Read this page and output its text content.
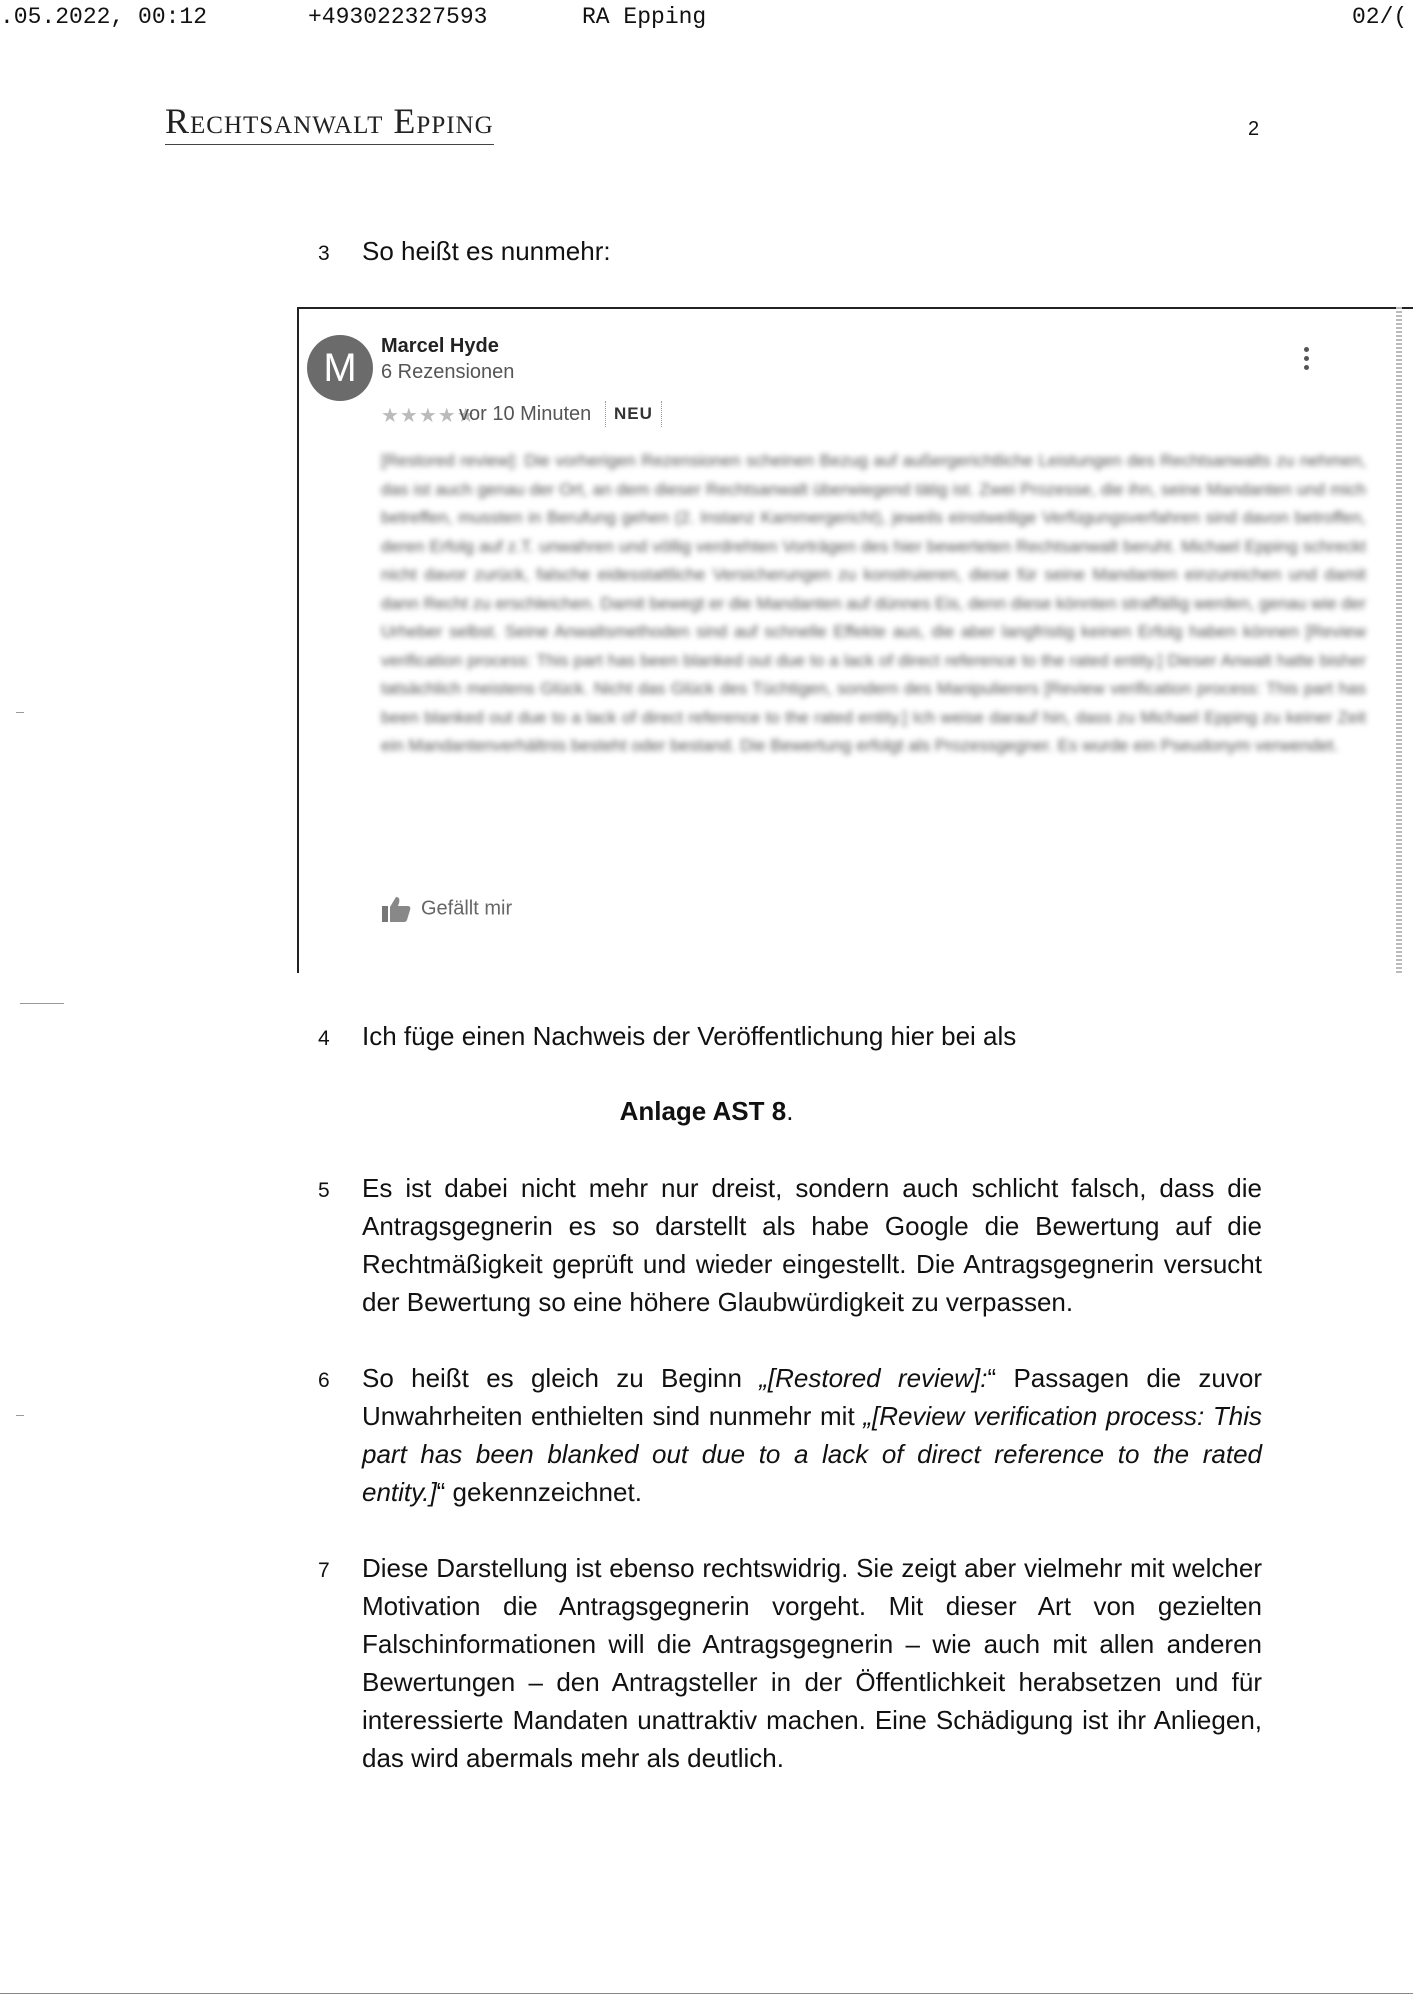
.05.2022, 00:12	+493022327593	RA Epping	02/(
Rechtsanwalt Epping	2
3 So heißt es nunmehr:
M	Marcel Hyde
6 Rezensionen
★★★★★
vor 10 Minuten	NEU
[Restored review]: Die vorherigen Rezensionen scheinen Bezug auf außergerichtliche Leistungen des Rechtsanwalts zu nehmen, das ist auch genau der Ort, an dem dieser Rechtsanwalt überwiegend tätig ist. Zwei Prozesse, die ihn, seine Mandanten und mich betreffen, mussten in Berufung gehen (2. Instanz Kammergericht), jeweils einstweilige Verfügungsverfahren sind davon betroffen, deren Erfolg auf z.T. unwahren und völlig verdrehten Vorträgen des hier bewerteten Rechtsanwalt beruht. Michael Epping schreckt nicht davor zurück, falsche eidesstattliche Versicherungen zu konstruieren, diese für seine Mandanten einzureichen und damit dann Recht zu erschleichen. Damit bewegt er die Mandanten auf dünnes Eis, denn diese könnten straffällig werden, genau wie der Urheber selbst. Seine Anwaltsmethoden sind auf schnelle Effekte aus, die aber langfristig keinen Erfolg haben können [Review verification process: This part has been blanked out due to a lack of direct reference to the rated entity.] Dieser Anwalt hatte bisher tatsächlich meistens Glück. Nicht das Glück des Tüchtigen, sondern des Manipulierers [Review verification process: This part has been blanked out due to a lack of direct reference to the rated entity.] Ich weise darauf hin, dass zu Michael Epping zu keiner Zeit ein Mandantenverhältnis besteht oder bestand. Die Bewertung erfolgt als Prozessgegner. Es wurde ein Pseudonym verwendet.
Gefällt mir
4 Ich füge einen Nachweis der Veröffentlichung hier bei als
Anlage AST 8.
5 Es ist dabei nicht mehr nur dreist, sondern auch schlicht falsch, dass die Antragsgegnerin es so darstellt als habe Google die Bewertung auf die Rechtmäßigkeit geprüft und wieder eingestellt. Die Antragsgegnerin versucht der Bewertung so eine höhere Glaubwürdigkeit zu verpassen.
6 So heißt es gleich zu Beginn „[Restored review]:“ Passagen die zuvor Unwahrheiten enthielten sind nunmehr mit „[Review verification process: This part has been blanked out due to a lack of direct reference to the rated entity.]“ gekennzeichnet.
7 Diese Darstellung ist ebenso rechtswidrig. Sie zeigt aber vielmehr mit welcher Motivation die Antragsgegnerin vorgeht. Mit dieser Art von gezielten Falschinformationen will die Antragsgegnerin – wie auch mit allen anderen Bewertungen – den Antragsteller in der Öffentlichkeit herabsetzen und für interessierte Mandaten unattraktiv machen. Eine Schädigung ist ihr Anliegen, das wird abermals mehr als deutlich.
